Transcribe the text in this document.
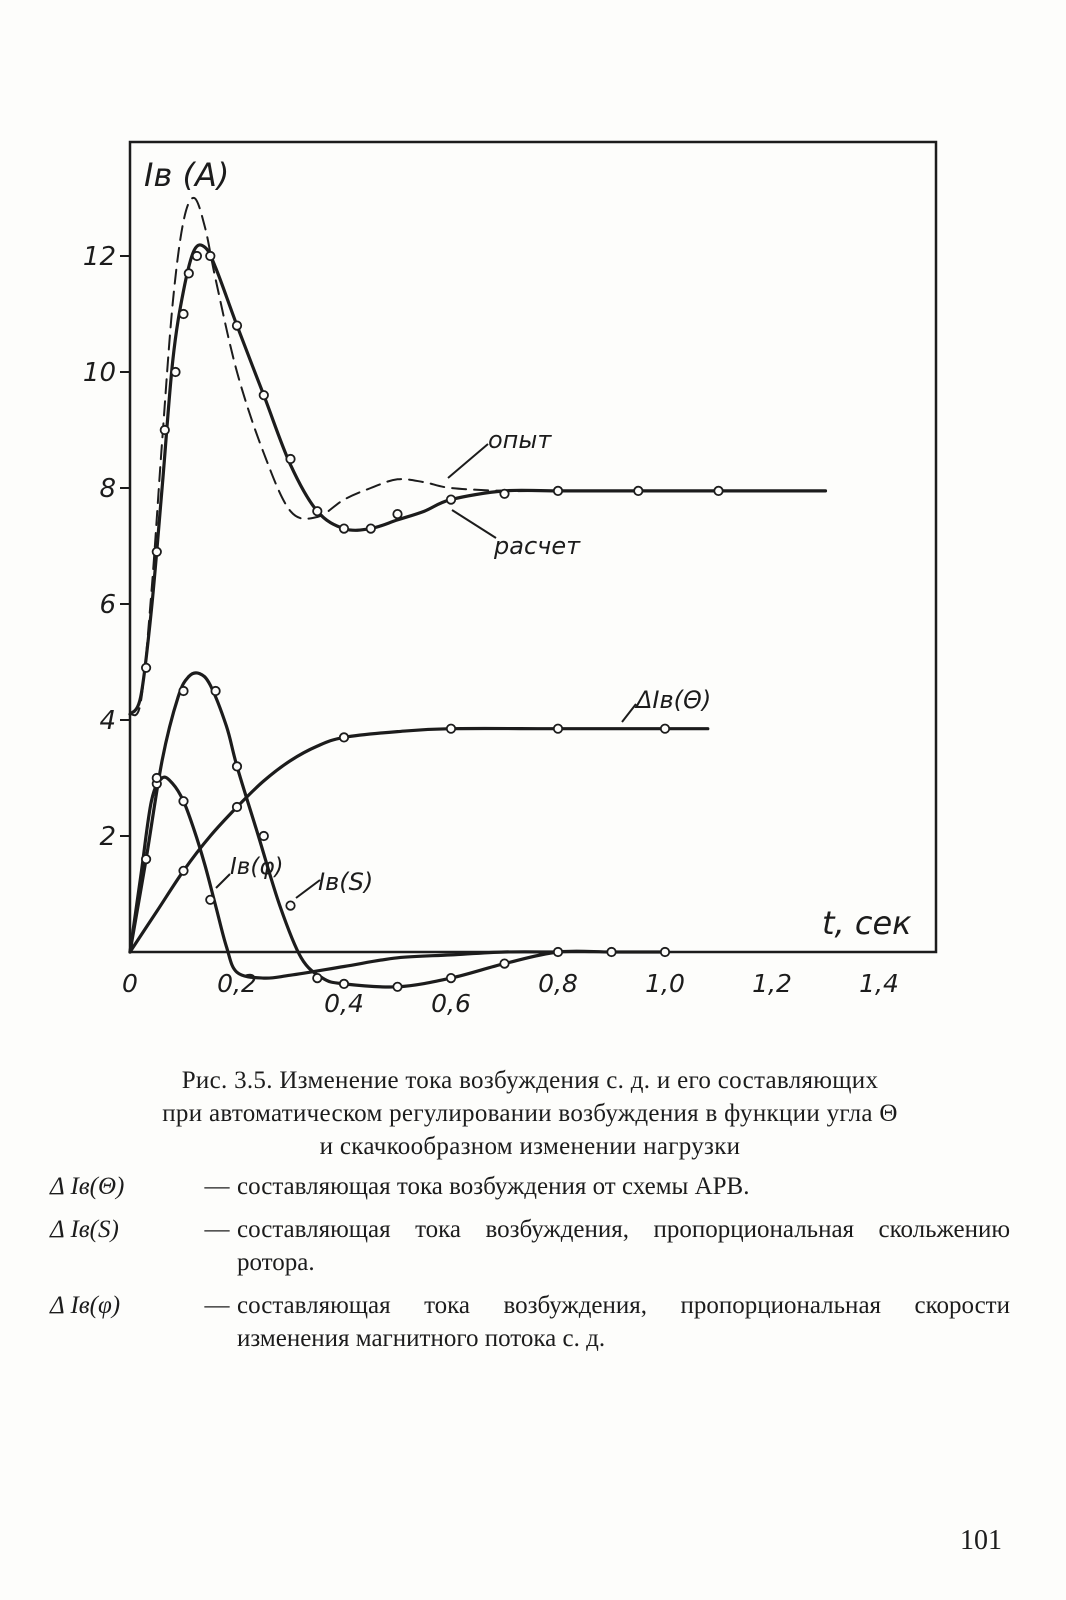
2
4
6
8
10
12
0	0,2
0,4	0,6
0,8	1,0	1,2	1,4
Iв (A)
t, сек
опыт
расчет
ΔIв(Θ)
Iв(φ)
Iв(S)
Рис. 3.5. Изменение тока возбуждения с. д. и его составляющих
при автоматическом регулировании возбуждения в функции угла Θ
и скачкообразном изменении нагрузки
Δ Iв(Θ)	— составляющая тока возбуждения от схемы АРВ.
Δ Iв(S)	— составляющая тока возбуждения, пропорциональная скольжению ротора.
Δ Iв(φ)	— составляющая тока возбуждения, пропорциональная скорости изменения магнитного потока с. д.
101
